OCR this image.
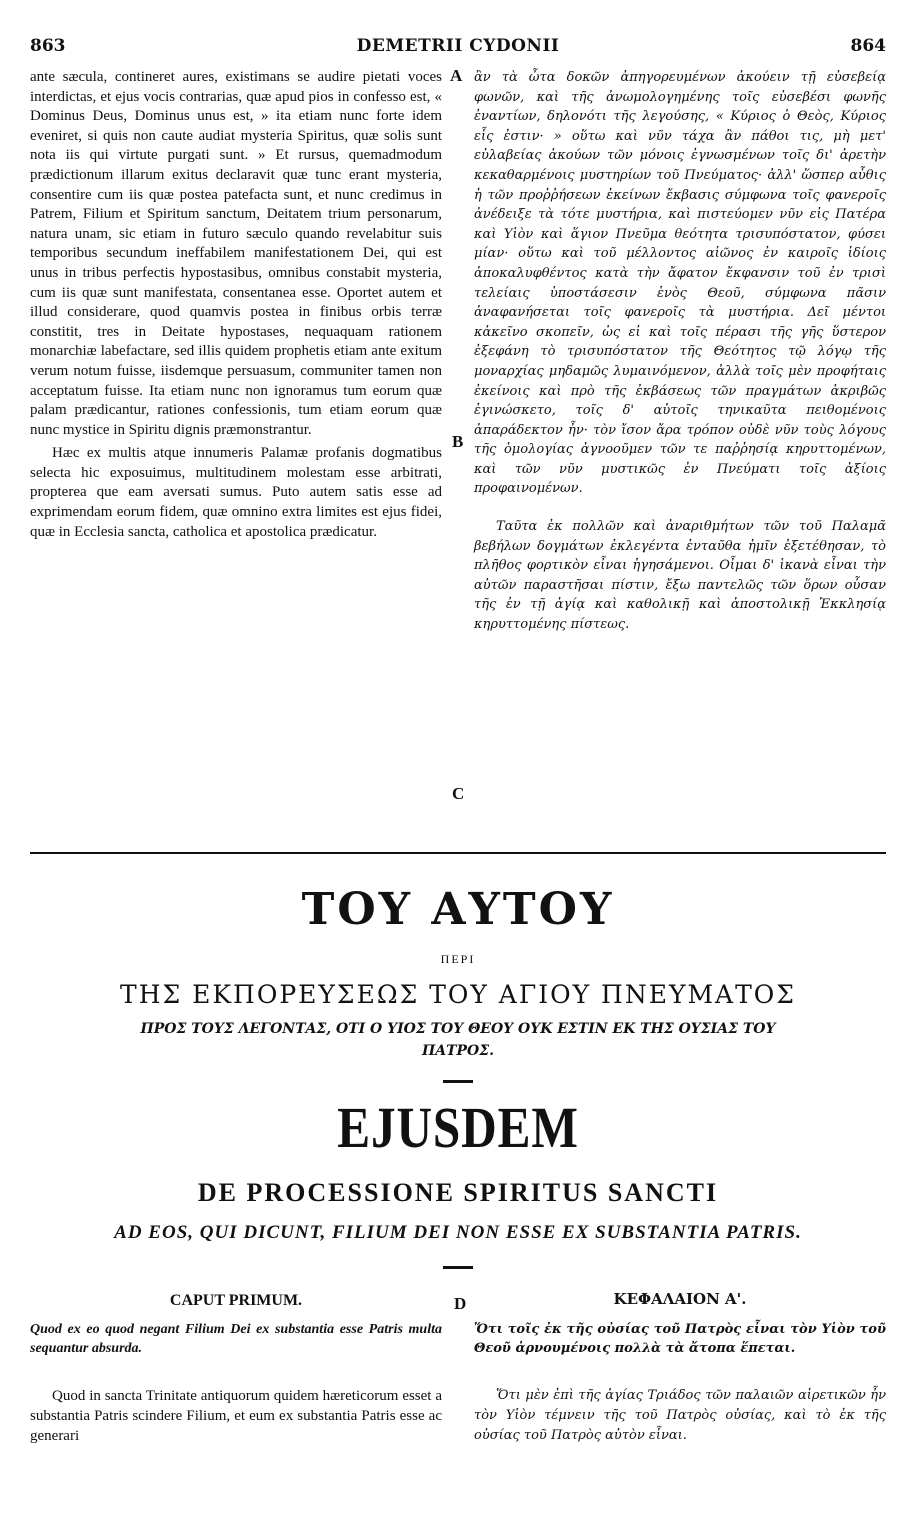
863	DEMETRII CYDONII	864

ante sæcula, contineret aures, existimans se audire pietati voces interdictas, et ejus vocis contrarias, quæ apud pios in confesso est, « Dominus Deus, Dominus unus est, » ita etiam nunc forte idem eveniret, si quis non caute audiat mysteria Spiritus, quæ solis sunt nota iis qui virtute purgati sunt. » Et rursus, quemadmodum prædictionum illarum exitus declaravit quæ tunc erant mysteria, consentire cum iis quæ postea patefacta sunt, et nunc credimus in Patrem, Filium et Spiritum sanctum, Deitatem trium personarum, natura unam, sic etiam in futuro sæculo quando revelabitur suis temporibus secundum ineffabilem manifestationem Dei, qui est unus in tribus perfectis hypostasibus, omnibus constabit mysteria, cum iis quæ sunt manifestata, consentanea esse. Oportet autem et illud considerare, quod quamvis postea in finibus orbis terræ constitit, tres in Deitate hypostases, nequaquam rationem monarchiæ labefactare, sed illis quidem prophetis etiam ante exitum verum notum fuisse, iisdemque persuasum, communiter tamen non acceptatum fuisse. Ita etiam nunc non ignoramus tum eorum quæ palam prædicantur, rationes confessionis, tum etiam eorum quæ nunc mystice in Spiritu dignis præmonstrantur.

Hæc ex multis atque innumeris Palamæ profanis dogmatibus selecta hic exposuimus, multitudinem molestam esse arbitrati, propterea que eam aversati sumus. Puto autem satis esse ad exprimendam eorum fidem, quæ omnino extra limites est ejus fidei, quæ in Ecclesia sancta, catholica et apostolica prædicatur.

ἂν τὰ ὦτα δοκῶν ἀπηγορευμένων ἀκούειν τῇ εὐσεβείᾳ φωνῶν, καὶ τῆς ἀνωμολογημένης τοῖς εὐσεβέσι φωνῆς ἐναντίων, δηλονότι τῆς λεγούσης, « Κύριος ὁ Θεὸς, Κύριος εἷς ἐστιν· » οὕτω καὶ νῦν τάχα ἂν πάθοι τις, μὴ μετ' εὐλαβείας ἀκούων τῶν μόνοις ἐγνωσμένων τοῖς δι' ἀρετὴν κεκαθαρμένοις μυστηρίων τοῦ Πνεύματος· ἀλλ' ὥσπερ αὖθις ἡ τῶν προῤῥήσεων ἐκείνων ἔκβασις σύμφωνα τοῖς φανεροῖς ἀνέδειξε τὰ τότε μυστήρια, καὶ πιστεύομεν νῦν εἰς Πατέρα καὶ Υἱὸν καὶ ἅγιον Πνεῦμα θεότητα τρισυπόστατον, φύσει μίαν· οὕτω καὶ τοῦ μέλλοντος αἰῶνος ἐν καιροῖς ἰδίοις ἀποκαλυφθέντος κατὰ τὴν ἄφατον ἔκφανσιν τοῦ ἐν τρισὶ τελείαις ὑποστάσεσιν ἑνὸς Θεοῦ, σύμφωνα πᾶσιν ἀναφανήσεται τοῖς φανεροῖς τὰ μυστήρια. Δεῖ μέντοι κἀκεῖνο σκοπεῖν, ὡς εἰ καὶ τοῖς πέρασι τῆς γῆς ὕστερον ἐξεφάνη τὸ τρισυπόστατον τῆς Θεότητος τῷ λόγῳ τῆς μοναρχίας μηδαμῶς λυμαινόμενον, ἀλλὰ τοῖς μὲν προφήταις ἐκείνοις καὶ πρὸ τῆς ἐκβάσεως τῶν πραγμάτων ἀκριβῶς ἐγινώσκετο, τοῖς δ' αὐτοῖς τηνικαῦτα πειθομένοις ἀπαράδεκτον ἦν· τὸν ἴσον ἄρα τρόπον οὐδὲ νῦν τοὺς λόγους τῆς ὁμολογίας ἀγνοοῦμεν τῶν τε παῤῥησίᾳ κηρυττομένων, καὶ τῶν νῦν μυστικῶς ἐν Πνεύματι τοῖς ἀξίοις προφαινομένων.

Ταῦτα ἐκ πολλῶν καὶ ἀναριθμήτων τῶν τοῦ Παλαμᾶ βεβήλων δογμάτων ἐκλεγέντα ἐνταῦθα ἡμῖν ἐξετέθησαν, τὸ πλῆθος φορτικὸν εἶναι ἡγησάμενοι. Οἶμαι δ' ἱκανὰ εἶναι τὴν αὐτῶν παραστῆσαι πίστιν, ἔξω παντελῶς τῶν ὅρων οὖσαν τῆς ἐν τῇ ἁγίᾳ καὶ καθολικῇ καὶ ἀποστολικῇ Ἐκκλησίᾳ κηρυττομένης πίστεως.

A
B
C
ΤΟΥ ΑΥΤΟΥ
ΠΕΡΙ
ΤΗΣ ΕΚΠΟΡΕΥΣΕΩΣ ΤΟΥ ΑΓΙΟΥ ΠΝΕΥΜΑΤΟΣ
ΠΡΟΣ ΤΟΥΣ ΛΕΓΟΝΤΑΣ, ΟΤΙ Ο ΥΙΟΣ ΤΟΥ ΘΕΟΥ ΟΥΚ ΕΣΤΙΝ ΕΚ ΤΗΣ ΟΥΣΙΑΣ ΤΟΥ
ΠΑΤΡΟΣ.
EJUSDEM
DE PROCESSIONE SPIRITUS SANCTI
AD EOS, QUI DICUNT, FILIUM DEI NON ESSE EX SUBSTANTIA PATRIS.
CAPUT PRIMUM.	ΚΕΦΑΛΑΙΟΝ Α'.
D
Quod ex eo quod negant Filium Dei ex substantia esse Patris multa sequantur absurda.
Ὅτι τοῖς ἐκ τῆς οὐσίας τοῦ Πατρὸς εἶναι τὸν Υἱὸν τοῦ Θεοῦ ἀρνουμένοις πολλὰ τὰ ἄτοπα ἕπεται.

Quod in sancta Trinitate antiquorum quidem hæreticorum esset a substantia Patris scindere Filium, et eum ex substantia Patris esse ac generari

Ὅτι μὲν ἐπὶ τῆς ἁγίας Τριάδος τῶν παλαιῶν αἱρετικῶν ἦν τὸν Υἱὸν τέμνειν τῆς τοῦ Πατρὸς οὐσίας, καὶ τὸ ἐκ τῆς οὐσίας τοῦ Πατρὸς αὐτὸν εἶναι.
